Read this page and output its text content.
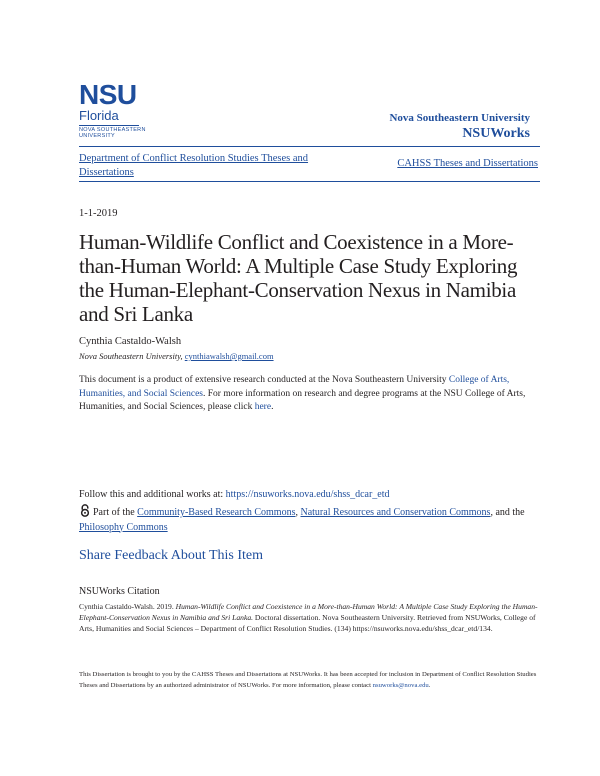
NSU
Florida
NOVA SOUTHEASTERN
UNIVERSITY
Nova Southeastern University
NSUWorks
Department of Conflict Resolution Studies Theses and Dissertations
CAHSS Theses and Dissertations
1-1-2019
Human-Wildlife Conflict and Coexistence in a More-than-Human World: A Multiple Case Study Exploring the Human-Elephant-Conservation Nexus in Namibia and Sri Lanka
Cynthia Castaldo-Walsh
Nova Southeastern University, cynthiawalsh@gmail.com
This document is a product of extensive research conducted at the Nova Southeastern University College of Arts, Humanities, and Social Sciences. For more information on research and degree programs at the NSU College of Arts, Humanities, and Social Sciences, please click here.
Follow this and additional works at: https://nsuworks.nova.edu/shss_dcar_etd
Part of the Community-Based Research Commons, Natural Resources and Conservation Commons, and the Philosophy Commons
Share Feedback About This Item
NSUWorks Citation
Cynthia Castaldo-Walsh. 2019. Human-Wildlife Conflict and Coexistence in a More-than-Human World: A Multiple Case Study Exploring the Human-Elephant-Conservation Nexus in Namibia and Sri Lanka. Doctoral dissertation. Nova Southeastern University. Retrieved from NSUWorks, College of Arts, Humanities and Social Sciences – Department of Conflict Resolution Studies. (134) https://nsuworks.nova.edu/shss_dcar_etd/134.
This Dissertation is brought to you by the CAHSS Theses and Dissertations at NSUWorks. It has been accepted for inclusion in Department of Conflict Resolution Studies Theses and Dissertations by an authorized administrator of NSUWorks. For more information, please contact nsuworks@nova.edu.
